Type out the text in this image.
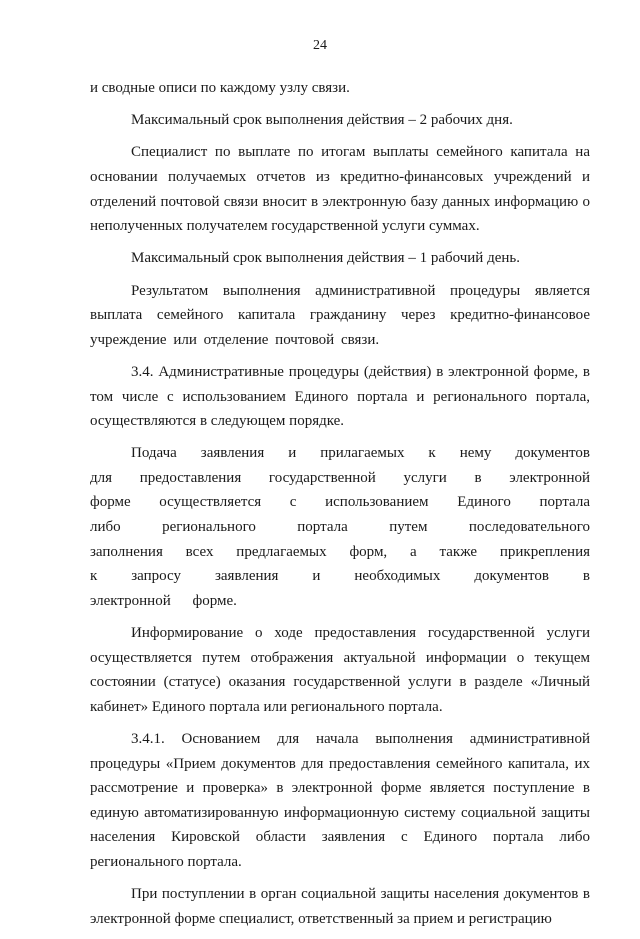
24

и сводные описи по каждому узлу связи.

Максимальный срок выполнения действия – 2 рабочих дня.

Специалист по выплате по итогам выплаты семейного капитала на основании получаемых отчетов из кредитно-финансовых учреждений и отделений почтовой связи вносит в электронную базу данных информацию о неполученных получателем государственной услуги суммах.

Максимальный срок выполнения действия – 1 рабочий день.

Результатом выполнения административной процедуры является выплата семейного капитала гражданину через кредитно-финансовое учреждение или отделение почтовой связи.

3.4. Административные процедуры (действия) в электронной форме, в том числе с использованием Единого портала и регионального портала, осуществляются в следующем порядке.

Подача заявления и прилагаемых к нему документов для предоставления государственной услуги в электронной форме осуществляется с использованием Единого портала либо регионального портала путем последовательного заполнения всех предлагаемых форм, а также прикрепления к запросу заявления и необходимых документов в электронной форме.

Информирование о ходе предоставления государственной услуги осуществляется путем отображения актуальной информации о текущем состоянии (статусе) оказания государственной услуги в разделе «Личный кабинет» Единого портала или регионального портала.

3.4.1. Основанием для начала выполнения административной процедуры «Прием документов для предоставления семейного капитала, их рассмотрение и проверка» в электронной форме является поступление в единую автоматизированную информационную систему социальной защиты населения Кировской области заявления с Единого портала либо регионального портала.

При поступлении в орган социальной защиты населения документов в электронной форме специалист, ответственный за прием и регистрацию
